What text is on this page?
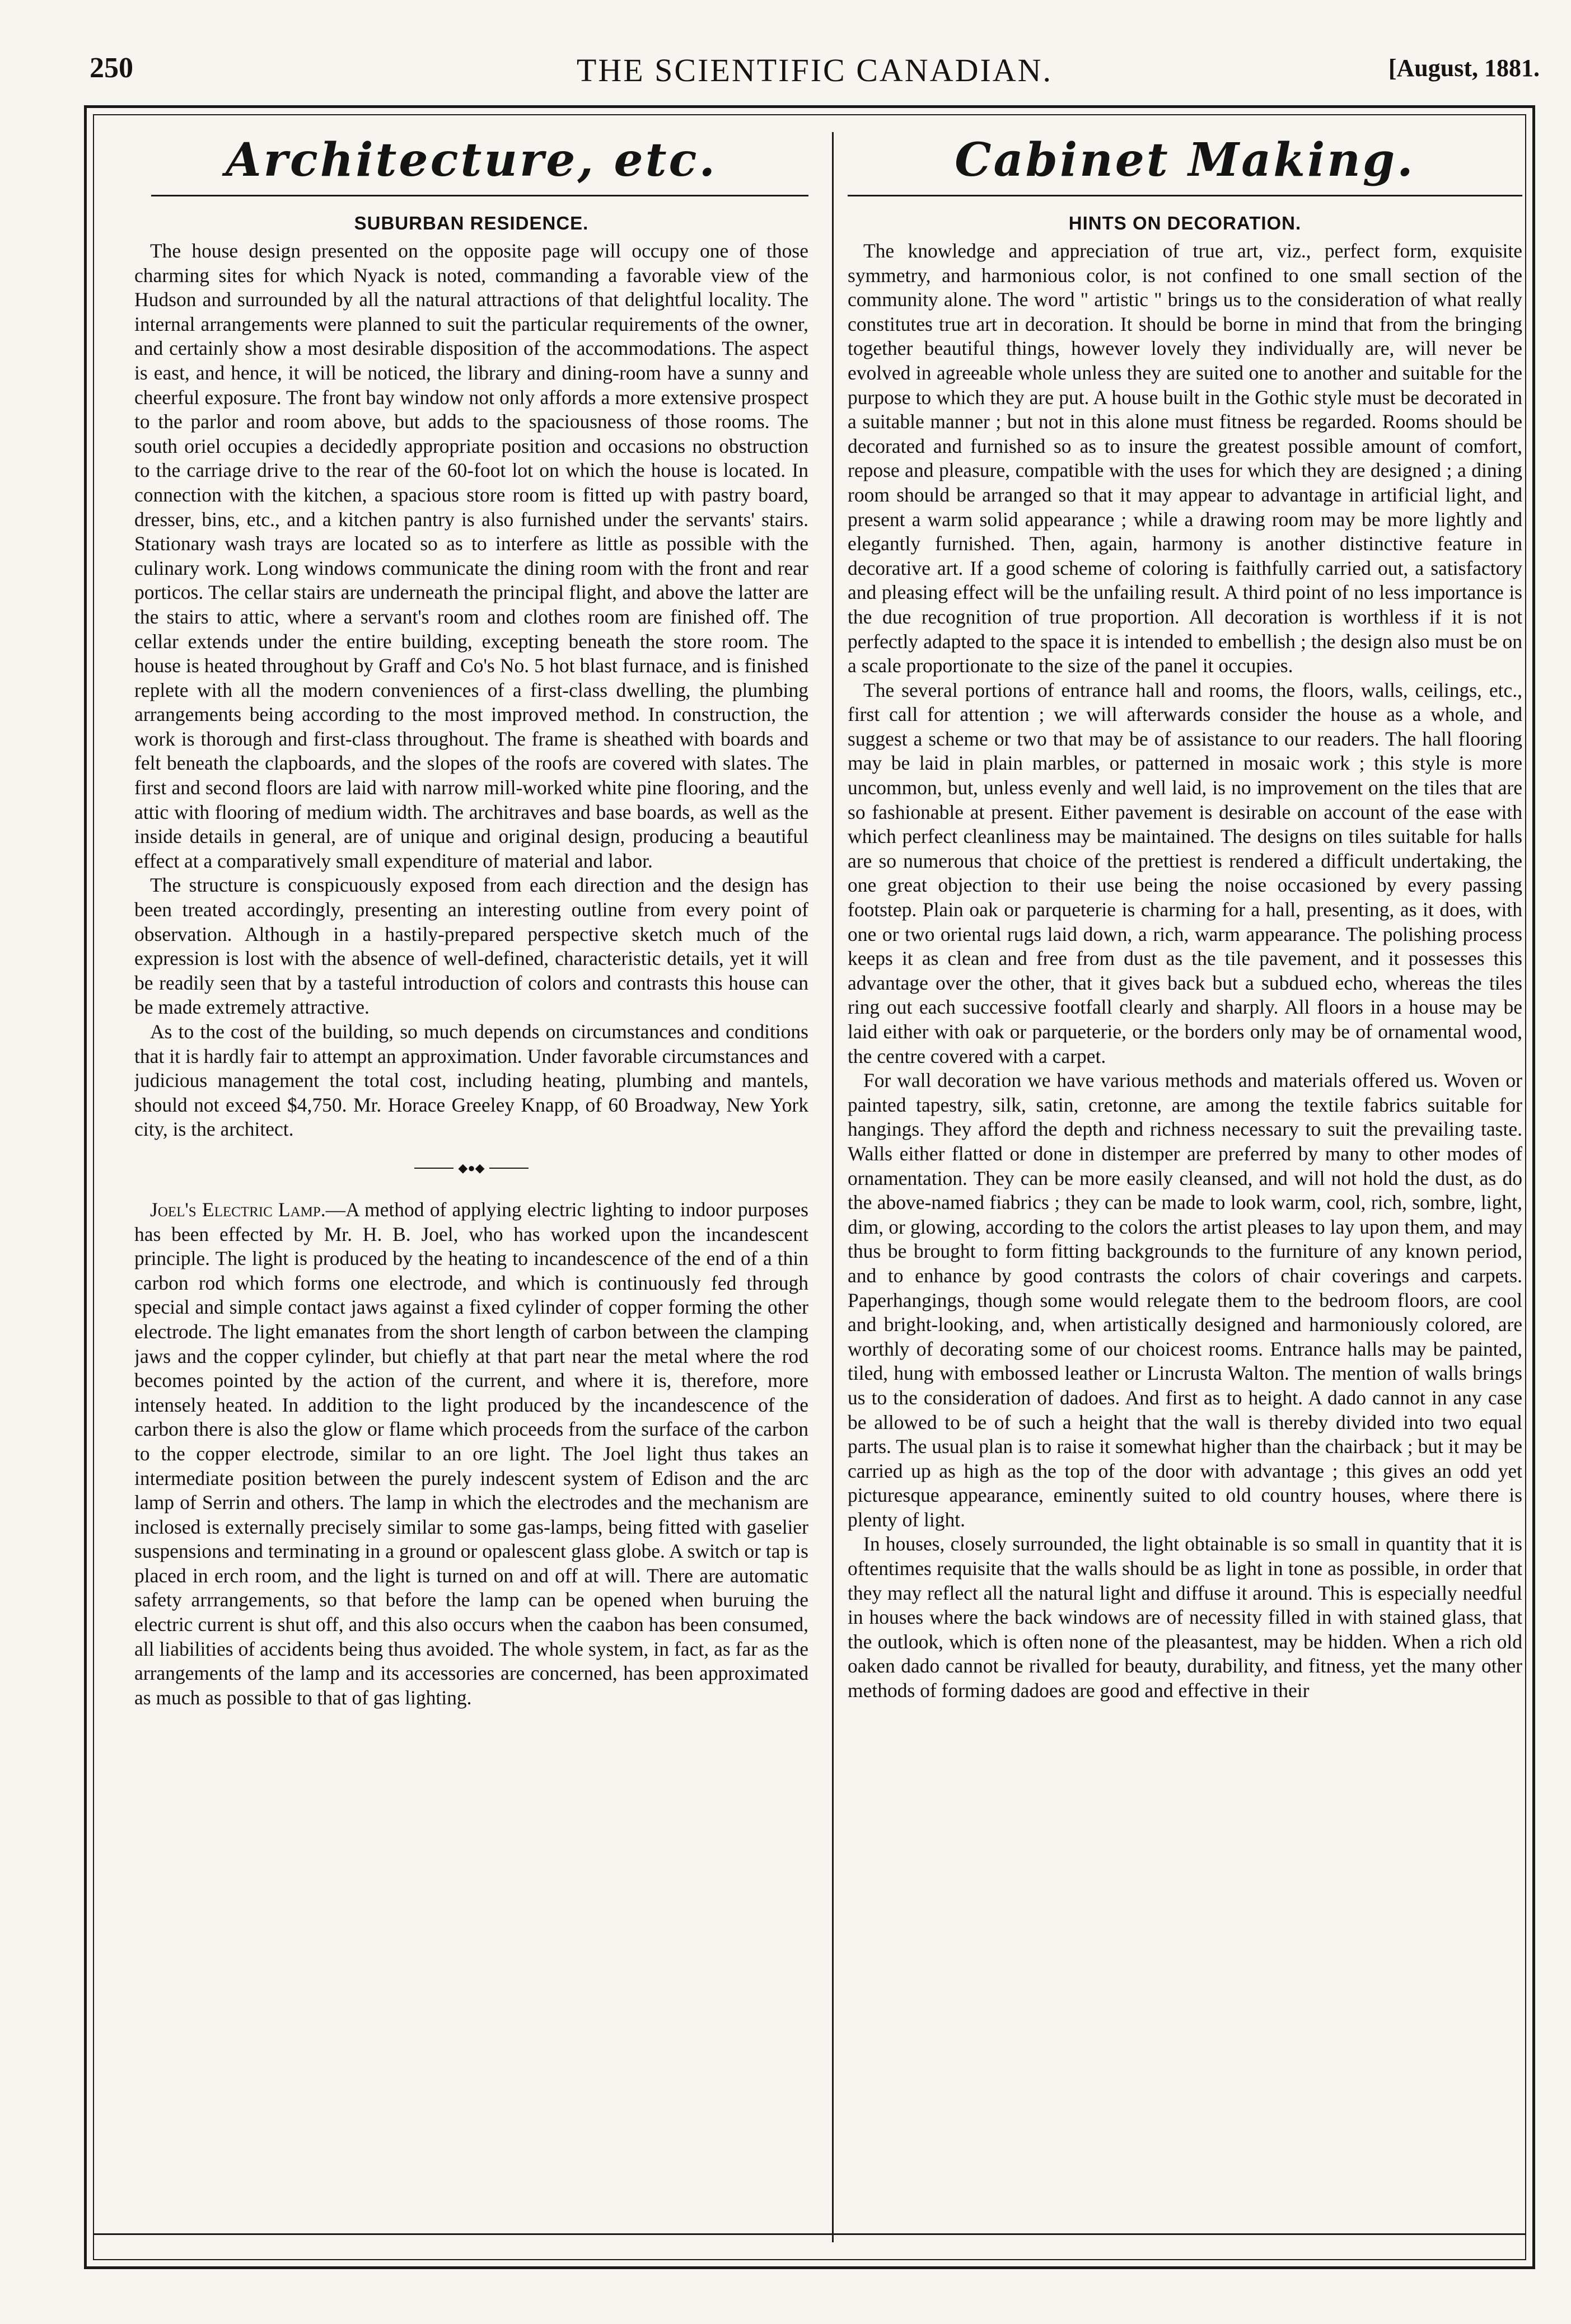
250	THE SCIENTIFIC CANADIAN.	[August, 1881.
Architecture, etc.
SUBURBAN RESIDENCE.

The house design presented on the opposite page will occupy one of those charming sites for which Nyack is noted, commanding a favorable view of the Hudson and surrounded by all the natural attractions of that delightful locality. The internal arrangements were planned to suit the particular requirements of the owner, and certainly show a most desirable disposition of the accommodations. The aspect is east, and hence, it will be noticed, the library and dining-room have a sunny and cheerful exposure. The front bay window not only affords a more extensive prospect to the parlor and room above, but adds to the spaciousness of those rooms. The south oriel occupies a decidedly appropriate position and occasions no obstruction to the carriage drive to the rear of the 60-foot lot on which the house is located. In connection with the kitchen, a spacious store room is fitted up with pastry board, dresser, bins, etc., and a kitchen pantry is also furnished under the servants' stairs. Stationary wash trays are located so as to interfere as little as possible with the culinary work. Long windows communicate the dining room with the front and rear porticos. The cellar stairs are underneath the principal flight, and above the latter are the stairs to attic, where a servant's room and clothes room are finished off. The cellar extends under the entire building, excepting beneath the store room. The house is heated throughout by Graff and Co's No. 5 hot blast furnace, and is finished replete with all the modern conveniences of a first-class dwelling, the plumbing arrangements being according to the most improved method. In construction, the work is thorough and first-class throughout. The frame is sheathed with boards and felt beneath the clapboards, and the slopes of the roofs are covered with slates. The first and second floors are laid with narrow mill-worked white pine flooring, and the attic with flooring of medium width. The architraves and base boards, as well as the inside details in general, are of unique and original design, producing a beautiful effect at a comparatively small expenditure of material and labor.

The structure is conspicuously exposed from each direction and the design has been treated accordingly, presenting an interesting outline from every point of observation. Although in a hastily-prepared perspective sketch much of the expression is lost with the absence of well-defined, characteristic details, yet it will be readily seen that by a tasteful introduction of colors and contrasts this house can be made extremely attractive.

As to the cost of the building, so much depends on circumstances and conditions that it is hardly fair to attempt an approximation. Under favorable circumstances and judicious management the total cost, including heating, plumbing and mantels, should not exceed $4,750. Mr. Horace Greeley Knapp, of 60 Broadway, New York city, is the architect.

◆●◆

Joel's Electric Lamp.—A method of applying electric lighting to indoor purposes has been effected by Mr. H. B. Joel, who has worked upon the incandescent principle. The light is produced by the heating to incandescence of the end of a thin carbon rod which forms one electrode, and which is continuously fed through special and simple contact jaws against a fixed cylinder of copper forming the other electrode. The light emanates from the short length of carbon between the clamping jaws and the copper cylinder, but chiefly at that part near the metal where the rod becomes pointed by the action of the current, and where it is, therefore, more intensely heated. In addition to the light produced by the incandescence of the carbon there is also the glow or flame which proceeds from the surface of the carbon to the copper electrode, similar to an ore light. The Joel light thus takes an intermediate position between the purely indescent system of Edison and the arc lamp of Serrin and others. The lamp in which the electrodes and the mechanism are inclosed is externally precisely similar to some gas-lamps, being fitted with gaselier suspensions and terminating in a ground or opalescent glass globe. A switch or tap is placed in erch room, and the light is turned on and off at will. There are automatic safety arrrangements, so that before the lamp can be opened when buruing the electric current is shut off, and this also occurs when the caabon has been consumed, all liabilities of accidents being thus avoided. The whole system, in fact, as far as the arrangements of the lamp and its accessories are concerned, has been approximated as much as possible to that of gas lighting.

Cabinet Making.
HINTS ON DECORATION.

The knowledge and appreciation of true art, viz., perfect form, exquisite symmetry, and harmonious color, is not confined to one small section of the community alone. The word " artistic " brings us to the consideration of what really constitutes true art in decoration. It should be borne in mind that from the bringing together beautiful things, however lovely they individually are, will never be evolved in agreeable whole unless they are suited one to another and suitable for the purpose to which they are put. A house built in the Gothic style must be decorated in a suitable manner ; but not in this alone must fitness be regarded. Rooms should be decorated and furnished so as to insure the greatest possible amount of comfort, repose and pleasure, compatible with the uses for which they are designed ; a dining room should be arranged so that it may appear to advantage in artificial light, and present a warm solid appearance ; while a drawing room may be more lightly and elegantly furnished. Then, again, harmony is another distinctive feature in decorative art. If a good scheme of coloring is faithfully carried out, a satisfactory and pleasing effect will be the unfailing result. A third point of no less importance is the due recognition of true proportion. All decoration is worthless if it is not perfectly adapted to the space it is intended to embellish ; the design also must be on a scale proportionate to the size of the panel it occupies.

The several portions of entrance hall and rooms, the floors, walls, ceilings, etc., first call for attention ; we will afterwards consider the house as a whole, and suggest a scheme or two that may be of assistance to our readers. The hall flooring may be laid in plain marbles, or patterned in mosaic work ; this style is more uncommon, but, unless evenly and well laid, is no improvement on the tiles that are so fashionable at present. Either pavement is desirable on account of the ease with which perfect cleanliness may be maintained. The designs on tiles suitable for halls are so numerous that choice of the prettiest is rendered a difficult undertaking, the one great objection to their use being the noise occasioned by every passing footstep. Plain oak or parqueterie is charming for a hall, presenting, as it does, with one or two oriental rugs laid down, a rich, warm appearance. The polishing process keeps it as clean and free from dust as the tile pavement, and it possesses this advantage over the other, that it gives back but a subdued echo, whereas the tiles ring out each successive footfall clearly and sharply. All floors in a house may be laid either with oak or parqueterie, or the borders only may be of ornamental wood, the centre covered with a carpet.

For wall decoration we have various methods and materials offered us. Woven or painted tapestry, silk, satin, cretonne, are among the textile fabrics suitable for hangings. They afford the depth and richness necessary to suit the prevailing taste. Walls either flatted or done in distemper are preferred by many to other modes of ornamentation. They can be more easily cleansed, and will not hold the dust, as do the above-named fiabrics ; they can be made to look warm, cool, rich, sombre, light, dim, or glowing, according to the colors the artist pleases to lay upon them, and may thus be brought to form fitting backgrounds to the furniture of any known period, and to enhance by good contrasts the colors of chair coverings and carpets. Paperhangings, though some would relegate them to the bedroom floors, are cool and bright-looking, and, when artistically designed and harmoniously colored, are worthly of decorating some of our choicest rooms. Entrance halls may be painted, tiled, hung with embossed leather or Lincrusta Walton. The mention of walls brings us to the consideration of dadoes. And first as to height. A dado cannot in any case be allowed to be of such a height that the wall is thereby divided into two equal parts. The usual plan is to raise it somewhat higher than the chairback ; but it may be carried up as high as the top of the door with advantage ; this gives an odd yet picturesque appearance, eminently suited to old country houses, where there is plenty of light.

In houses, closely surrounded, the light obtainable is so small in quantity that it is oftentimes requisite that the walls should be as light in tone as possible, in order that they may reflect all the natural light and diffuse it around. This is especially needful in houses where the back windows are of necessity filled in with stained glass, that the outlook, which is often none of the pleasantest, may be hidden. When a rich old oaken dado cannot be rivalled for beauty, durability, and fitness, yet the many other methods of forming dadoes are good and effective in their
